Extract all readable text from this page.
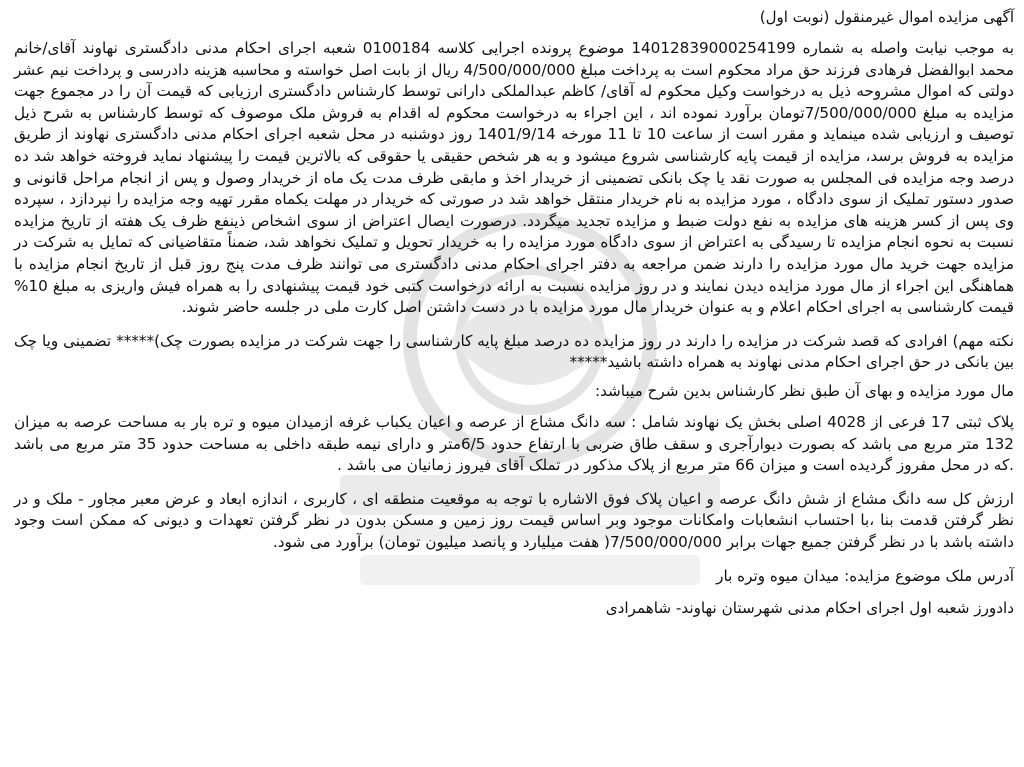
آگهی مزایده اموال غیرمنقول (نوبت اول)
به موجب نیابت واصله به شماره 14012839000254199 موضوع پرونده اجرایی کلاسه 0100184 شعبه اجرای احکام مدنی دادگستری نهاوند آقای/خانم محمد ابوالفضل فرهادی فرزند حق مراد محکوم است به پرداخت مبلغ 4/500/000/000 ریال از بابت اصل خواسته و محاسبه هزینه دادرسی و پرداخت نیم عشر دولتی که اموال مشروحه ذیل به درخواست وکیل محکوم له آقای/ کاظم عبدالملکی دارانی توسط کارشناس دادگستری ارزیابی که قیمت آن را در مجموع جهت مزایده به مبلغ 7/500/000/000تومان برآورد نموده اند ، این اجراء به درخواست محکوم له اقدام به فروش ملک موصوف که توسط کارشناس به شرح ذیل توصیف و ارزیابی شده مینماید و مقرر است از ساعت 10 تا 11 مورخه 1401/9/14 روز دوشنبه در محل شعبه اجرای احکام مدنی دادگستری نهاوند از طریق مزایده به فروش برسد، مزایده از قیمت پایه کارشناسی شروع میشود و به هر شخص حقیقی یا حقوقی که بالاترین قیمت را پیشنهاد نماید فروخته خواهد شد ده درصد وجه مزایده فی المجلس به صورت نقد یا چک بانکی تضمینی از خریدار اخذ و مابقی ظرف مدت یک ماه از خریدار وصول و پس از انجام مراحل قانونی و صدور دستور تملیک از سوی دادگاه ، مورد مزایده به نام خریدار منتقل خواهد شد در صورتی که خریدار در مهلت یکماه مقرر تهیه وجه مزایده را نپردازد ، سپرده وی پس از کسر هزینه های مزایده به نفع دولت ضبط و مزایده تجدید میگردد. درصورت ایصال اعتراض از سوی اشخاص ذینفع ظرف یک هفته از تاریخ مزایده نسبت به نحوه انجام مزایده تا رسیدگی به اعتراض از سوی دادگاه مورد مزایده را به خریدار تحویل و تملیک نخواهد شد، ضمناً متقاضیانی که تمایل به شرکت در مزایده جهت خرید مال مورد مزایده را دارند ضمن مراجعه به دفتر اجرای احکام مدنی دادگستری می توانند ظرف مدت پنج روز قبل از تاریخ انجام مزایده با هماهنگی این اجراء از مال مورد مزایده دیدن نمایند و در روز مزایده نسبت به ارائه درخواست کتبی خود قیمت پیشنهادی را به همراه فیش واریزی به مبلغ 10% قیمت کارشناسی به اجرای احکام اعلام و به عنوان خریدار مال مورد مزایده با در دست داشتن اصل کارت ملی در جلسه حاضر شوند.
نکته مهم) افرادی که قصد شرکت در مزایده را دارند در روز مزایده ده درصد مبلغ پایه کارشناسی را جهت شرکت در مزایده بصورت چک)***** تضمینی ویا چک بین بانکی در حق اجرای احکام مدنی نهاوند به همراه داشته باشید*****
مال مورد مزایده و بهای آن طبق نظر کارشناس بدین شرح میباشد:
پلاک ثبتی 17 فرعی از 4028 اصلی بخش یک نهاوند شامل : سه دانگ مشاع از عرصه و اعیان یکباب غرفه ازمیدان میوه و تره بار به مساحت عرصه به میزان 132 متر مربع می باشد که بصورت دیوارآجری و سقف طاق ضربی با ارتفاع حدود 6/5متر و دارای نیمه طبقه داخلی به مساحت حدود 35 متر مربع می باشد .که در محل مفروز گردیده است و میزان 66 متر مربع از پلاک مذکور در تملک آقای فیروز زمانیان می باشد .
ارزش کل سه دانگ مشاع از شش دانگ عرصه و اعیان پلاک فوق الاشاره با توجه به موقعیت منطقه ای ، کاربری ، اندازه ابعاد و عرض معبر مجاور - ملک و در نظر گرفتن قدمت بنا ،با احتساب انشعابات وامکانات موجود وبر اساس قیمت روز زمین و مسکن بدون در نظر گرفتن تعهدات و دیونی که ممکن است وجود داشته باشد با در نظر گرفتن جمیع جهات برابر 7/500/000/000( هفت میلیارد و پانصد میلیون تومان) برآورد می شود.
آدرس ملک موضوع مزایده: میدان میوه وتره بار
دادورز شعبه اول اجرای احکام مدنی شهرستان نهاوند- شاهمرادی
